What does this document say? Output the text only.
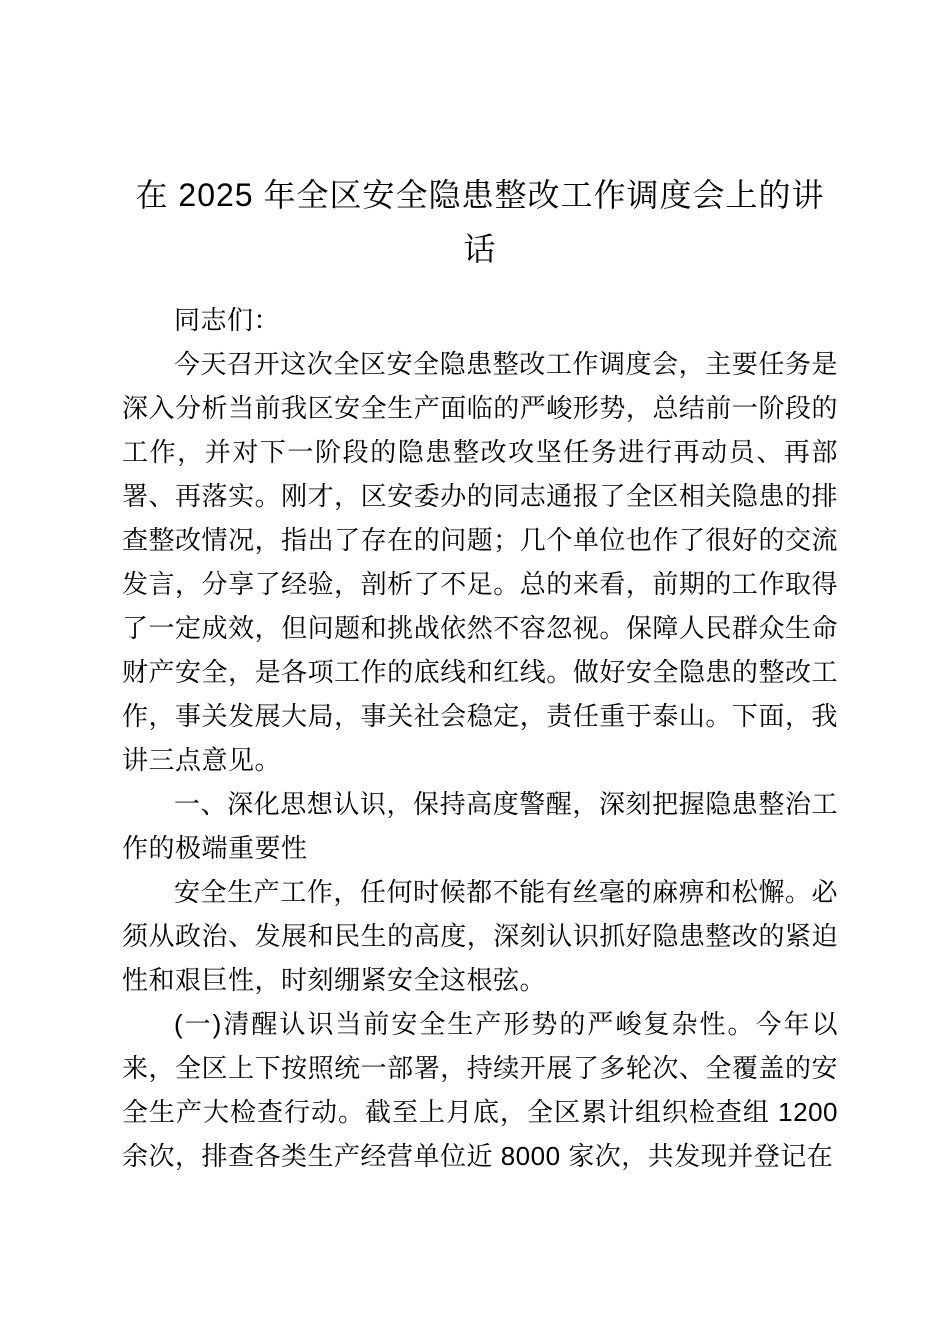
在 2025 年全区安全隐患整改工作调度会上的讲话

同志们：

今天召开这次全区安全隐患整改工作调度会，主要任务是深入分析当前我区安全生产面临的严峻形势，总结前一阶段的工作，并对下一阶段的隐患整改攻坚任务进行再动员、再部署、再落实。刚才，区安委办的同志通报了全区相关隐患的排查整改情况，指出了存在的问题；几个单位也作了很好的交流发言，分享了经验，剖析了不足。总的来看，前期的工作取得了一定成效，但问题和挑战依然不容忽视。保障人民群众生命财产安全，是各项工作的底线和红线。做好安全隐患的整改工作，事关发展大局，事关社会稳定，责任重于泰山。下面，我讲三点意见。

一、深化思想认识，保持高度警醒，深刻把握隐患整治工作的极端重要性

安全生产工作，任何时候都不能有丝毫的麻痹和松懈。必须从政治、发展和民生的高度，深刻认识抓好隐患整改的紧迫性和艰巨性，时刻绷紧安全这根弦。

(一)清醒认识当前安全生产形势的严峻复杂性。今年以来，全区上下按照统一部署，持续开展了多轮次、全覆盖的安全生产大检查行动。截至上月底，全区累计组织检查组 1200 余次，排查各类生产经营单位近 8000 家次，共发现并登记在
